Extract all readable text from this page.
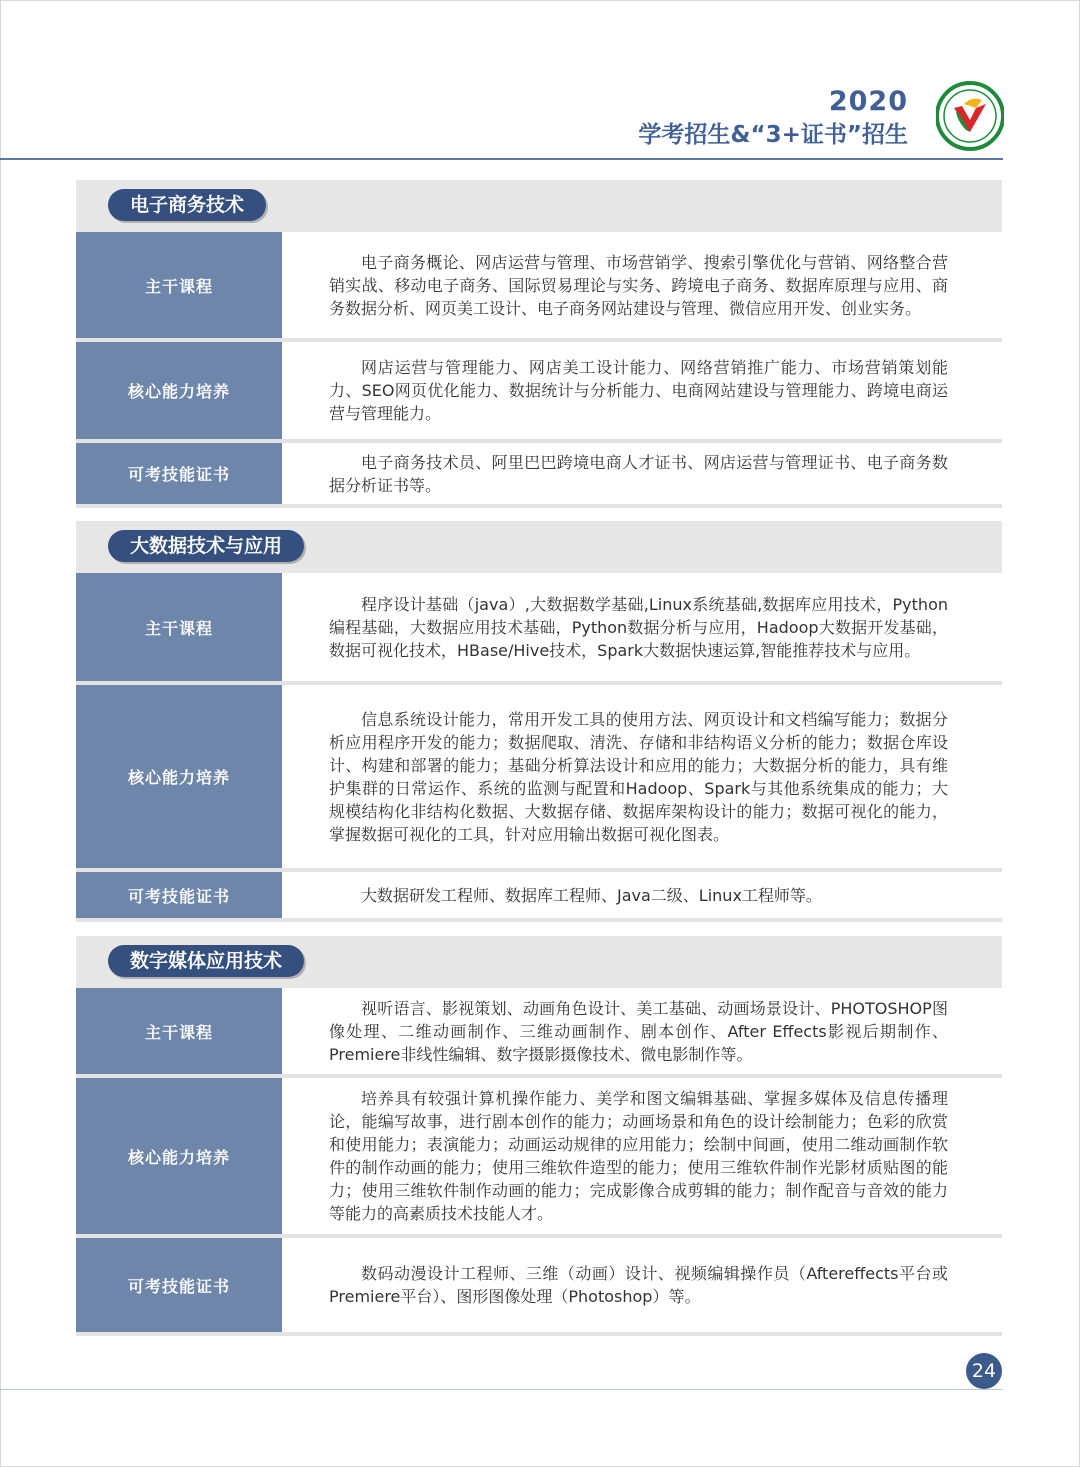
2020
学考招生&“3+证书”招生
电子商务技术
主干课程
电子商务概论、网店运营与管理、市场营销学、搜索引擎优化与营销、网络整合营销实战、移动电子商务、国际贸易理论与实务、跨境电子商务、数据库原理与应用、商务数据分析、网页美工设计、电子商务网站建设与管理、微信应用开发、创业实务。
核心能力培养
网店运营与管理能力、网店美工设计能力、网络营销推广能力、市场营销策划能力、SEO网页优化能力、数据统计与分析能力、电商网站建设与管理能力、跨境电商运营与管理能力。
可考技能证书
电子商务技术员、阿里巴巴跨境电商人才证书、网店运营与管理证书、电子商务数据分析证书等。
大数据技术与应用
主干课程
程序设计基础（java）,大数据数学基础,Linux系统基础,数据库应用技术，Python编程基础，大数据应用技术基础，Python数据分析与应用，Hadoop大数据开发基础，数据可视化技术，HBase/Hive技术，Spark大数据快速运算,智能推荐技术与应用。
核心能力培养
信息系统设计能力，常用开发工具的使用方法、网页设计和文档编写能力；数据分析应用程序开发的能力；数据爬取、清洗、存储和非结构语义分析的能力；数据仓库设计、构建和部署的能力；基础分析算法设计和应用的能力；大数据分析的能力，具有维护集群的日常运作、系统的监测与配置和Hadoop、Spark与其他系统集成的能力；大规模结构化非结构化数据、大数据存储、数据库架构设计的能力；数据可视化的能力，掌握数据可视化的工具，针对应用输出数据可视化图表。
可考技能证书	大数据研发工程师、数据库工程师、Java二级、Linux工程师等。
数字媒体应用技术
主干课程
视听语言、影视策划、动画角色设计、美工基础、动画场景设计、PHOTOSHOP图像处理、二维动画制作、三维动画制作、剧本创作、After Effects影视后期制作、Premiere非线性编辑、数字摄影摄像技术、微电影制作等。
核心能力培养
培养具有较强计算机操作能力、美学和图文编辑基础、掌握多媒体及信息传播理论，能编写故事，进行剧本创作的能力；动画场景和角色的设计绘制能力；色彩的欣赏和使用能力；表演能力；动画运动规律的应用能力；绘制中间画，使用二维动画制作软件的制作动画的能力；使用三维软件造型的能力；使用三维软件制作光影材质贴图的能力；使用三维软件制作动画的能力；完成影像合成剪辑的能力；制作配音与音效的能力等能力的高素质技术技能人才。
可考技能证书
数码动漫设计工程师、三维（动画）设计、视频编辑操作员（Aftereffects平台或Premiere平台）、图形图像处理（Photoshop）等。
24
